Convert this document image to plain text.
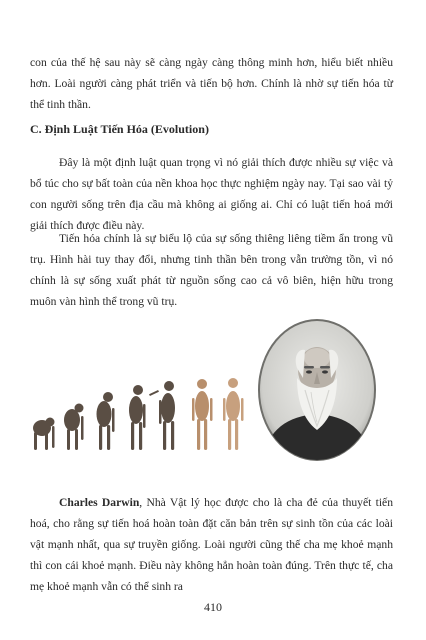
con của thế hệ sau này sẽ càng ngày càng thông minh hơn, hiểu biết nhiều hơn. Loài người càng phát triển và tiến bộ hơn. Chính là nhờ sự tiến hóa từ thể tinh thần.

C. Định Luật Tiến Hóa (Evolution)

Đây là một định luật quan trọng vì nó giải thích được nhiều sự việc và bổ túc cho sự bất toàn của nền khoa học thực nghiệm ngày nay. Tại sao vài tỷ con người sống trên địa cầu mà không ai giống ai. Chỉ có luật tiến hoá mới giải thích được điều này.

Tiến hóa chính là sự biểu lộ của sự sống thiêng liêng tiềm ẩn trong vũ trụ. Hình hài tuy thay đổi, nhưng tinh thần bên trong vẫn trường tồn, vì nó chính là sự sống xuất phát từ nguồn sống cao cả vô biên, hiện hữu trong muôn vàn hình thể trong vũ trụ.

Charles Darwin, Nhà Vật lý học được cho là cha đẻ của thuyết tiến hoá, cho rằng sự tiến hoá hoàn toàn đặt căn bản trên sự sinh tồn của các loài vật mạnh nhất, qua sự truyền giống. Loài người cũng thế cha mẹ khoẻ mạnh thì con cái khoẻ mạnh. Điều này không hẳn hoàn toàn đúng. Trên thực tế, cha mẹ khoẻ mạnh vẫn có thể sinh ra

410
